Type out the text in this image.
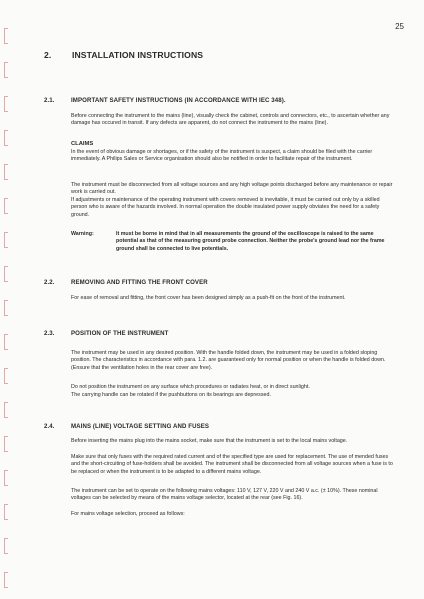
25
2. INSTALLATION INSTRUCTIONS
2.1.	IMPORTANT SAFETY INSTRUCTIONS (IN ACCORDANCE WITH IEC 348).

Before connecting the instrument to the mains (line), visually check the cabinet, controls and connectors, etc., to ascertain whether any damage has occured in transit. If any defects are apparent, do not connect the instrument to the mains (line).

CLAIMS

In the event of obvious damage or shortages, or if the safety of the instrument is suspect, a claim should be filed with the carrier immediately. A Philips Sales or Service organisation should also be notified in order to facilitate repair of the instrument.

The instrument must be disconnected from all voltage sources and any high voltage points discharged before any maintenance or repair work is carried out.

If adjustments or maintenance of the operating instrument with covers removed is inevitable, it must be carried out only by a skilled person who is aware of the hazards involved. In normal operation the double insulated power supply obviates the need for a safety ground.

Warning:	It must be borne in mind that in all measurements the ground of the oscilloscope is raised to the same potential as that of the measuring ground probe connection. Neither the probe's ground lead nor the frame ground shall be connected to live potentials.
2.2.	REMOVING AND FITTING THE FRONT COVER

For ease of removal and fitting, the front cover has been designed simply as a push-fit on the front of the instrument.

2.3.	POSITION OF THE INSTRUMENT

The instrument may be used in any desired position. With the handle folded down, the instrument may be used in a folded sloping position. The characteristics in accordance with para. 1.2. are guaranteed only for normal position or when the handle is folded down. (Ensure that the ventilation holes in the rear cover are free).

Do not position the instrument on any surface which procedures or radiates heat, or in direct sunlight.

The carrying handle can be rotated if the pushbuttons on its bearings are depressed.

2.4.	MAINS (LINE) VOLTAGE SETTING AND FUSES

Before inserting the mains plug into the mains socket, make sure that the instrument is set to the local mains voltage.

Make sure that only fuses with the required rated current and of the specified type are used for replacement. The use of mended fuses and the short-circuiting of fuse-holders shall be avoided. The instrument shall be disconnected from all voltage sources when a fuse is to be replaced or when the instrument is to be adapted to a different mains voltage.

The instrument can be set to operate on the following mains voltages: 110 V, 127 V, 220 V and 240 V a.c. (± 10%). These nominal voltages can be selected by means of the mains voltage selector, located at the rear (see Fig. 16).

For mains voltage selection, proceed as follows:
